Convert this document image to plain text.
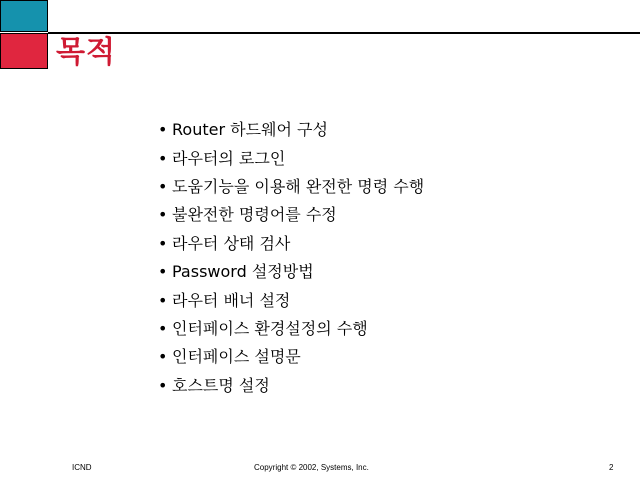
목적
• Router 하드웨어 구성
• 라우터의 로그인
• 도움기능을 이용해 완전한 명령 수행
• 불완전한 명령어를 수정
• 라우터 상태 검사
• Password 설정방법
• 라우터 배너 설정
• 인터페이스 환경설정의 수행
• 인터페이스 설명문
• 호스트명 설정
ICND	Copyright © 2002, Systems, Inc.	2
